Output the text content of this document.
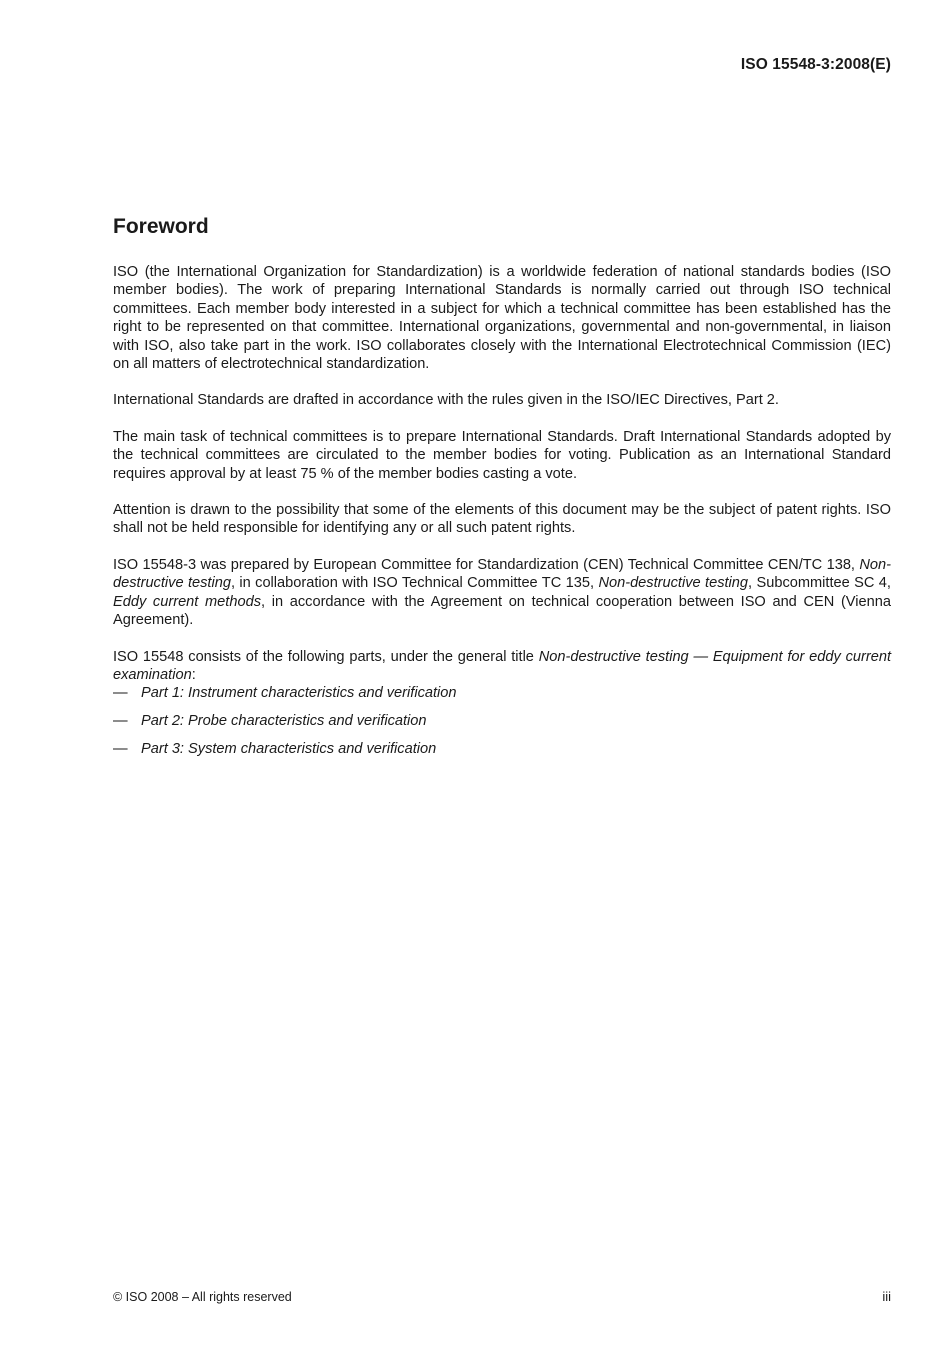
ISO 15548-3:2008(E)
Foreword

ISO (the International Organization for Standardization) is a worldwide federation of national standards bodies (ISO member bodies). The work of preparing International Standards is normally carried out through ISO technical committees. Each member body interested in a subject for which a technical committee has been established has the right to be represented on that committee. International organizations, governmental and non-governmental, in liaison with ISO, also take part in the work. ISO collaborates closely with the International Electrotechnical Commission (IEC) on all matters of electrotechnical standardization.

International Standards are drafted in accordance with the rules given in the ISO/IEC Directives, Part 2.

The main task of technical committees is to prepare International Standards. Draft International Standards adopted by the technical committees are circulated to the member bodies for voting. Publication as an International Standard requires approval by at least 75 % of the member bodies casting a vote.

Attention is drawn to the possibility that some of the elements of this document may be the subject of patent rights. ISO shall not be held responsible for identifying any or all such patent rights.

ISO 15548-3 was prepared by European Committee for Standardization (CEN) Technical Committee CEN/TC 138, Non-destructive testing, in collaboration with ISO Technical Committee TC 135, Non-destructive testing, Subcommittee SC 4, Eddy current methods, in accordance with the Agreement on technical cooperation between ISO and CEN (Vienna Agreement).

ISO 15548 consists of the following parts, under the general title Non-destructive testing — Equipment for eddy current examination:

— Part 1: Instrument characteristics and verification
— Part 2: Probe characteristics and verification
— Part 3: System characteristics and verification
© ISO 2008 – All rights reserved	iii
